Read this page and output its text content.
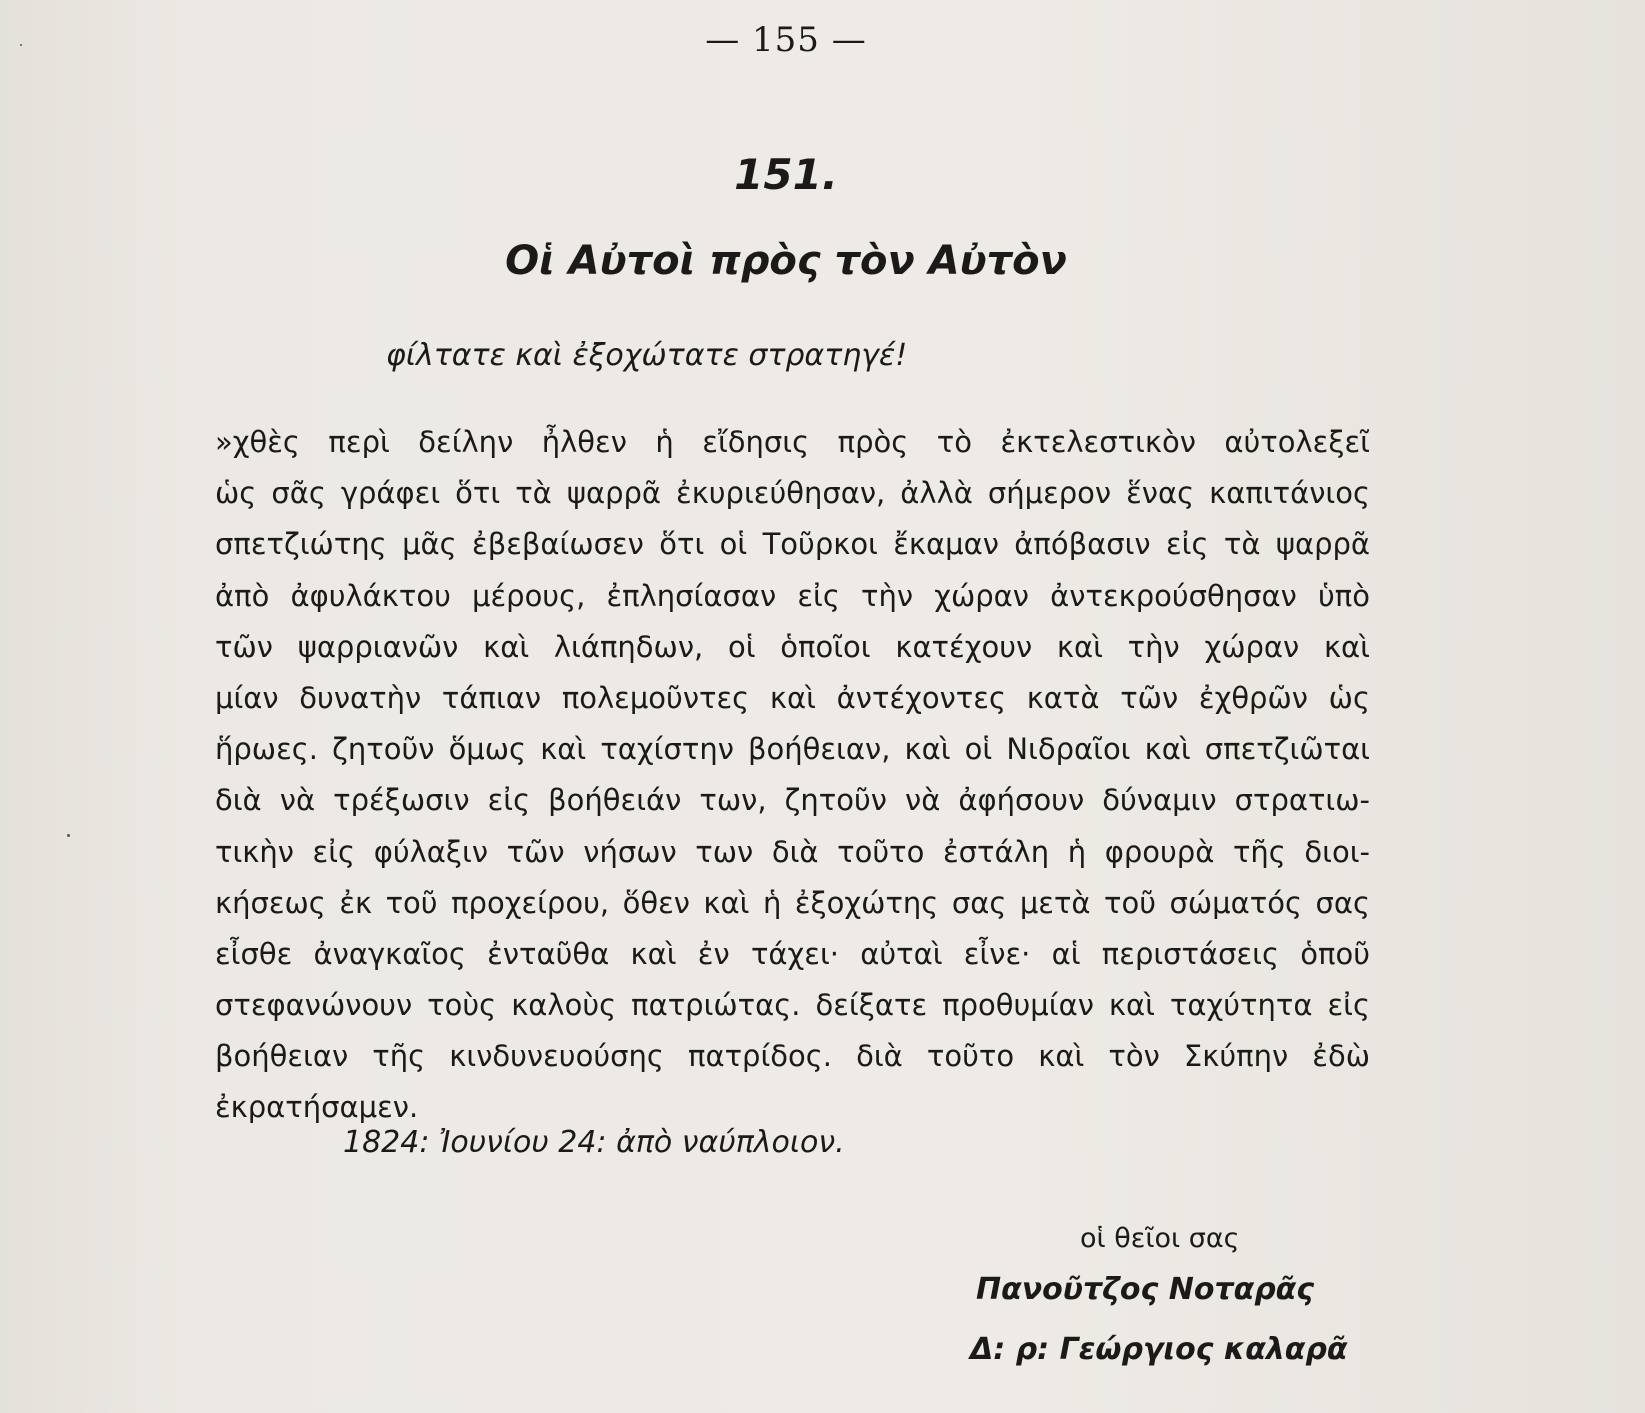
— 155 —
151.
Οἱ Αὐτοὶ πρὸς τὸν Αὐτὸν
φίλτατε καὶ ἐξοχώτατε στρατηγέ!
»χθὲς περὶ δείλην ἦλθεν ἡ εἴδησις πρὸς τὸ ἐκτελεστικὸν αὐτολεξεῖ
ὡς σᾶς γράφει ὅτι τὰ ψαρρᾶ ἐκυριεύθησαν, ἀλλὰ σήμερον ἕνας καπιτάνιος
σπετζιώτης μᾶς ἐβεβαίωσεν ὅτι οἱ Τοῦρκοι ἔκαμαν ἀπόβασιν εἰς τὰ ψαρρᾶ
ἀπὸ ἀφυλάκτου μέρους, ἐπλησίασαν εἰς τὴν χώραν ἀντεκρούσθησαν ὑπὸ
τῶν ψαρριανῶν καὶ λιάπηδων, οἱ ὁποῖοι κατέχουν καὶ τὴν χώραν καὶ
μίαν δυνατὴν τάπιαν πολεμοῦντες καὶ ἀντέχοντες κατὰ τῶν ἐχθρῶν ὡς
ἥρωες. ζητοῦν ὅμως καὶ ταχίστην βοήθειαν, καὶ οἱ Νιδραῖοι καὶ σπετζιῶται
διὰ νὰ τρέξωσιν εἰς βοήθειάν των, ζητοῦν νὰ ἀφήσουν δύναμιν στρατιω-
τικὴν εἰς φύλαξιν τῶν νήσων των διὰ τοῦτο ἐστάλη ἡ φρουρὰ τῆς διοι-
κήσεως ἐκ τοῦ προχείρου, ὅθεν καὶ ἡ ἐξοχώτης σας μετὰ τοῦ σώματός σας
εἶσθε ἀναγκαῖος ἐνταῦθα καὶ ἐν τάχει· αὐταὶ εἶνε· αἱ περιστάσεις ὁποῦ
στεφανώνουν τοὺς καλοὺς πατριώτας. δείξατε προθυμίαν καὶ ταχύτητα εἰς
βοήθειαν τῆς κινδυνευούσης πατρίδος. διὰ τοῦτο καὶ τὸν Σκύπην ἐδὼ
ἐκρατήσαμεν.
1824: Ἰουνίου 24: ἀπὸ ναύπλοιον.
οἱ θεῖοι σας
Πανοῦτζος Νοταρᾶς
Δ: ρ: Γεώργιος καλαρᾶ
